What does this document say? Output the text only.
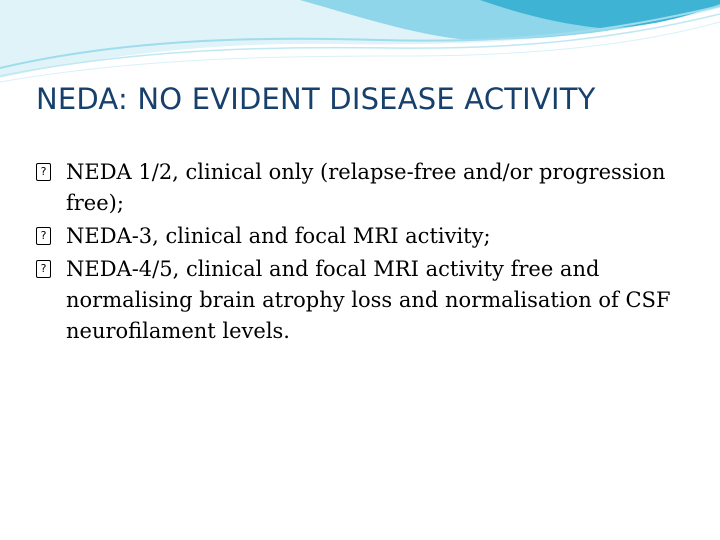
NEDA: NO EVIDENT DISEASE ACTIVITY
? NEDA 1/2, clinical only (relapse-free and/or progression free);
? NEDA-3, clinical and focal MRI activity;
? NEDA-4/5, clinical and focal MRI activity free and normalising brain atrophy loss and normalisation of CSF neurofilament levels.
